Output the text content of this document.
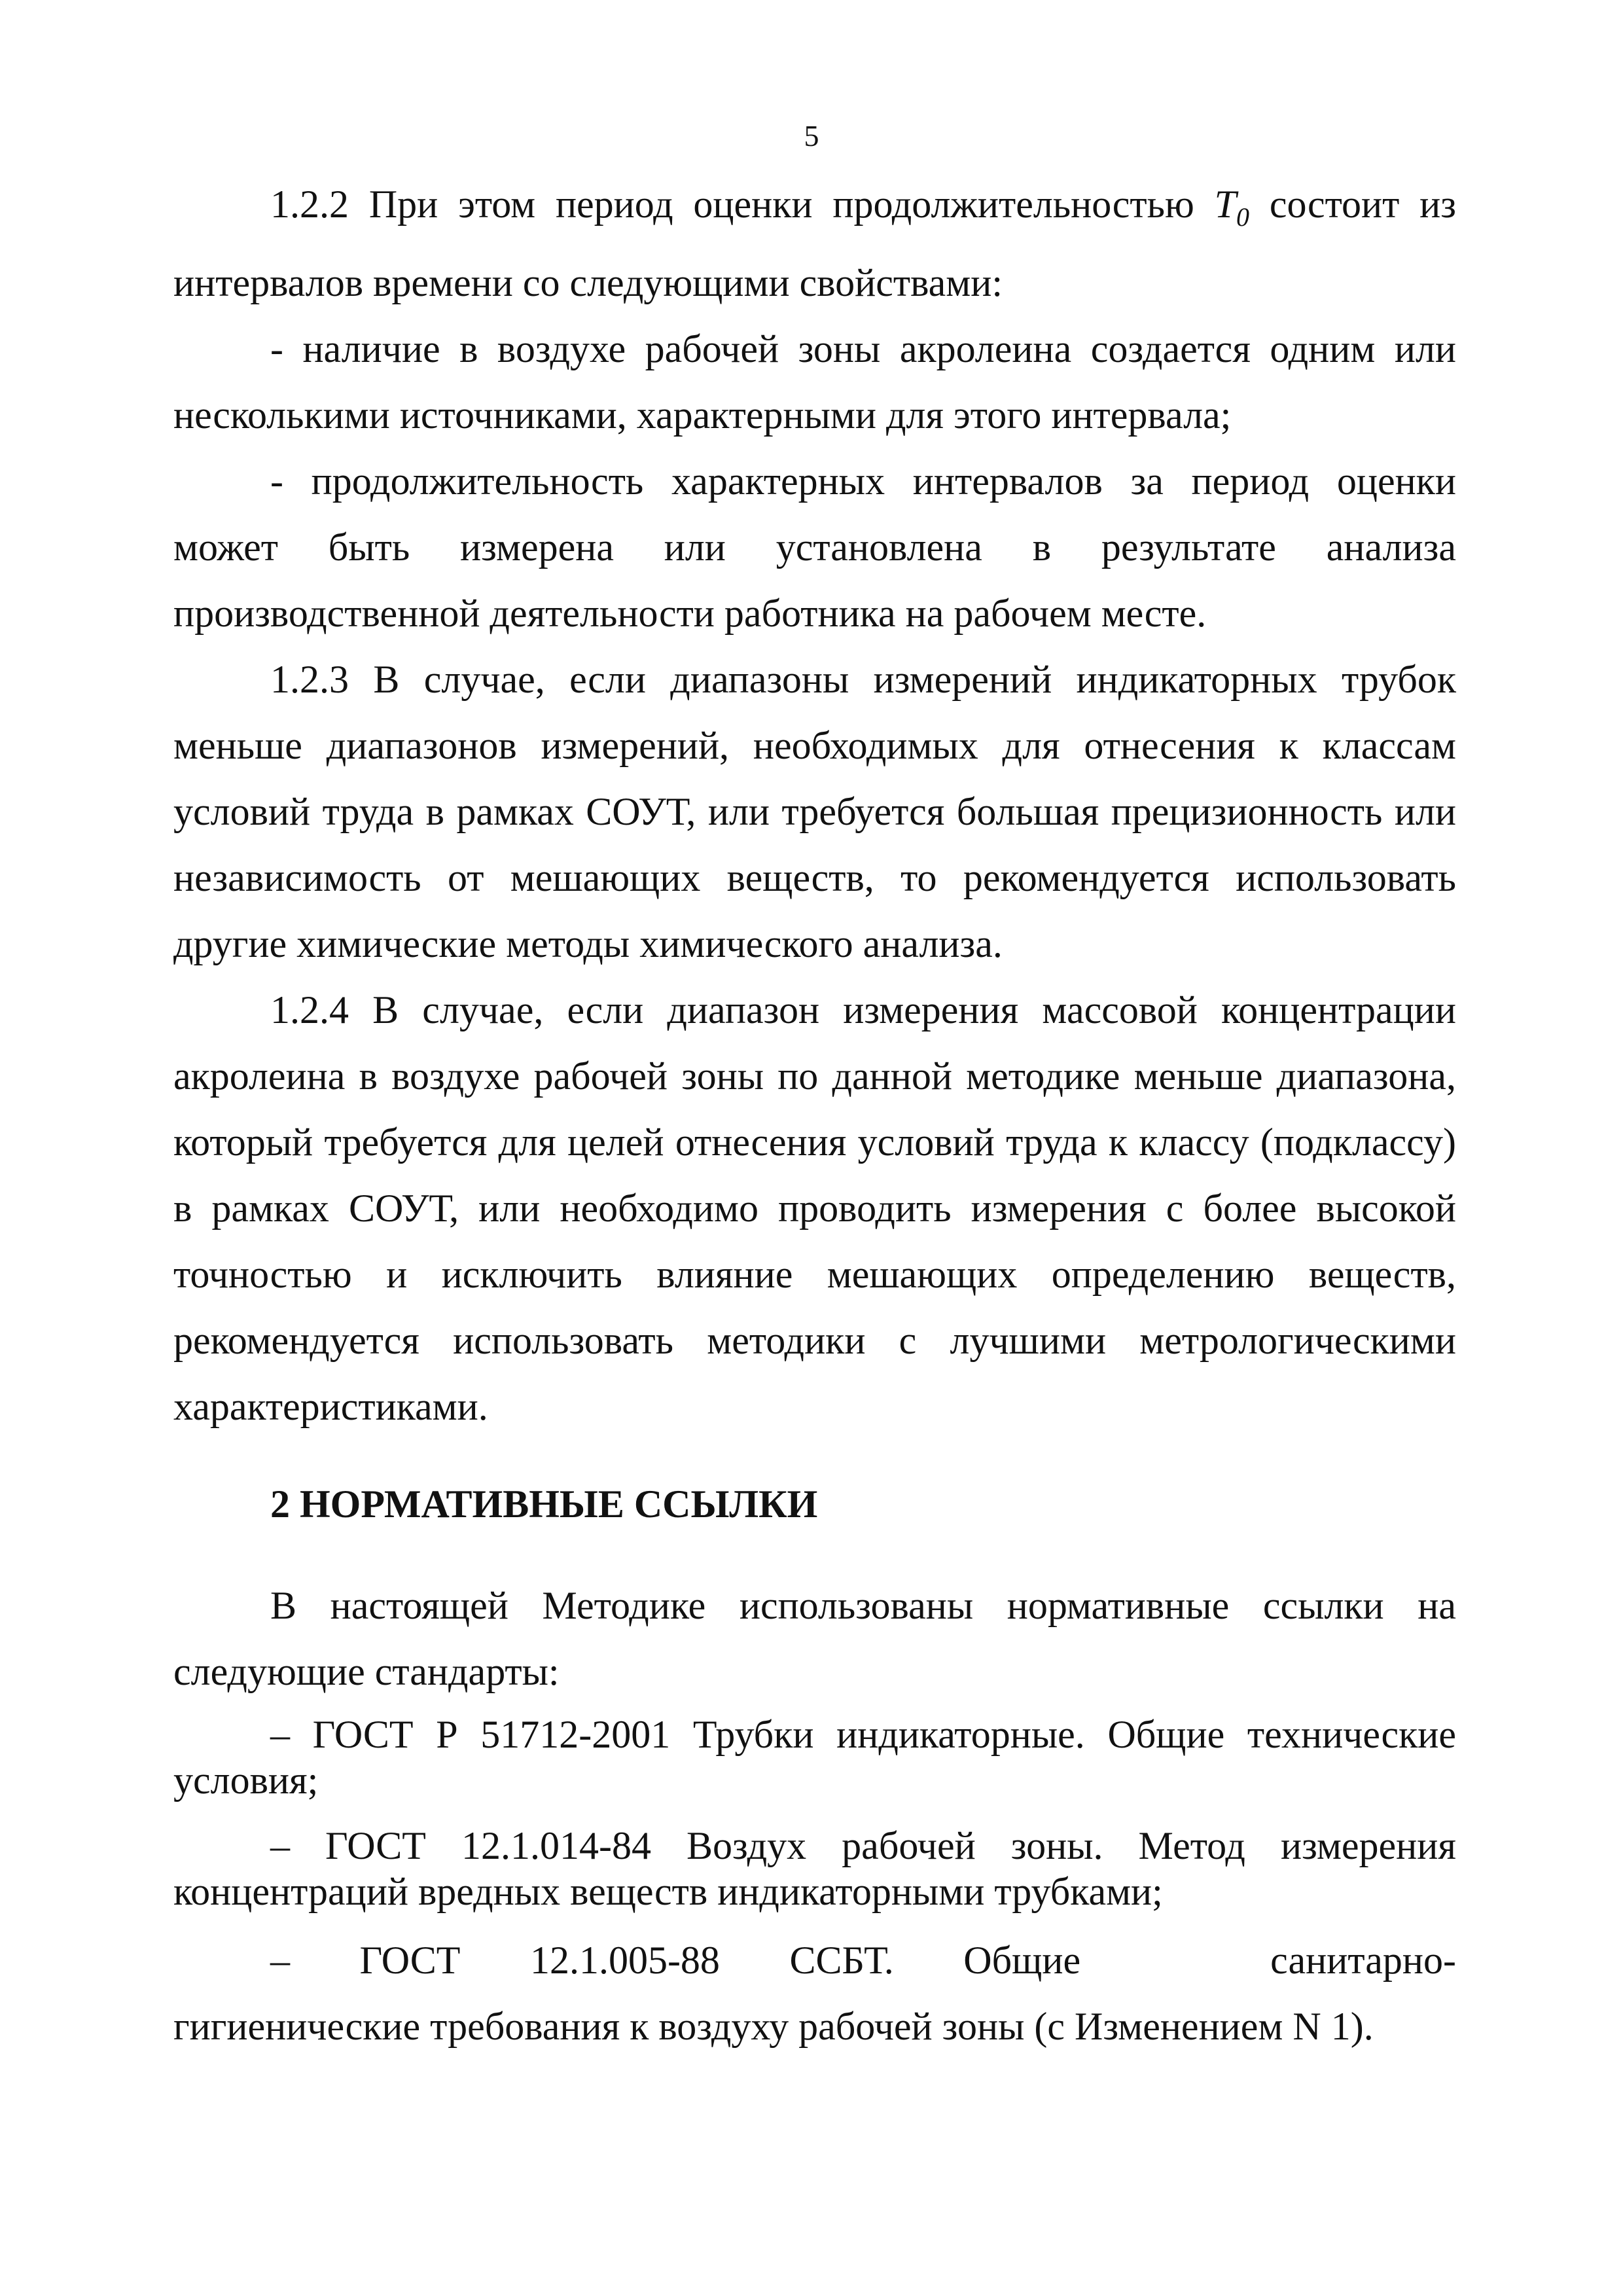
5

1.2.2 При этом период оценки продолжительностью $T_0$ состоит из интервалов времени со следующими свойствами:

- наличие в воздухе рабочей зоны акролеина создается одним или несколькими источниками, характерными для этого интервала;

- продолжительность характерных интервалов за период оценки может быть измерена или установлена в результате анализа производственной деятельности работника на рабочем месте.

1.2.3 В случае, если диапазоны измерений индикаторных трубок меньше диапазонов измерений, необходимых для отнесения к классам условий труда в рамках СОУТ, или требуется большая прецизионность или независимость от мешающих веществ, то рекомендуется использовать другие химические методы химического анализа.

1.2.4 В случае, если диапазон измерения массовой концентрации акролеина в воздухе рабочей зоны по данной методике меньше диапазона, который требуется для целей отнесения условий труда к классу (подклассу) в рамках СОУТ, или необходимо проводить измерения с более высокой точностью и исключить влияние мешающих определению веществ, рекомендуется использовать методики с лучшими метрологическими характеристиками.

2 НОРМАТИВНЫЕ ССЫЛКИ

В настоящей Методике использованы нормативные ссылки на следующие стандарты:

– ГОСТ Р 51712-2001 Трубки индикаторные. Общие технические условия;

– ГОСТ 12.1.014-84 Воздух рабочей зоны. Метод измерения концентраций вредных веществ индикаторными трубками;

– ГОСТ 12.1.005-88 ССБТ. Общие	санитарно-гигиенические требования к воздуху рабочей зоны (с Изменением N 1).
